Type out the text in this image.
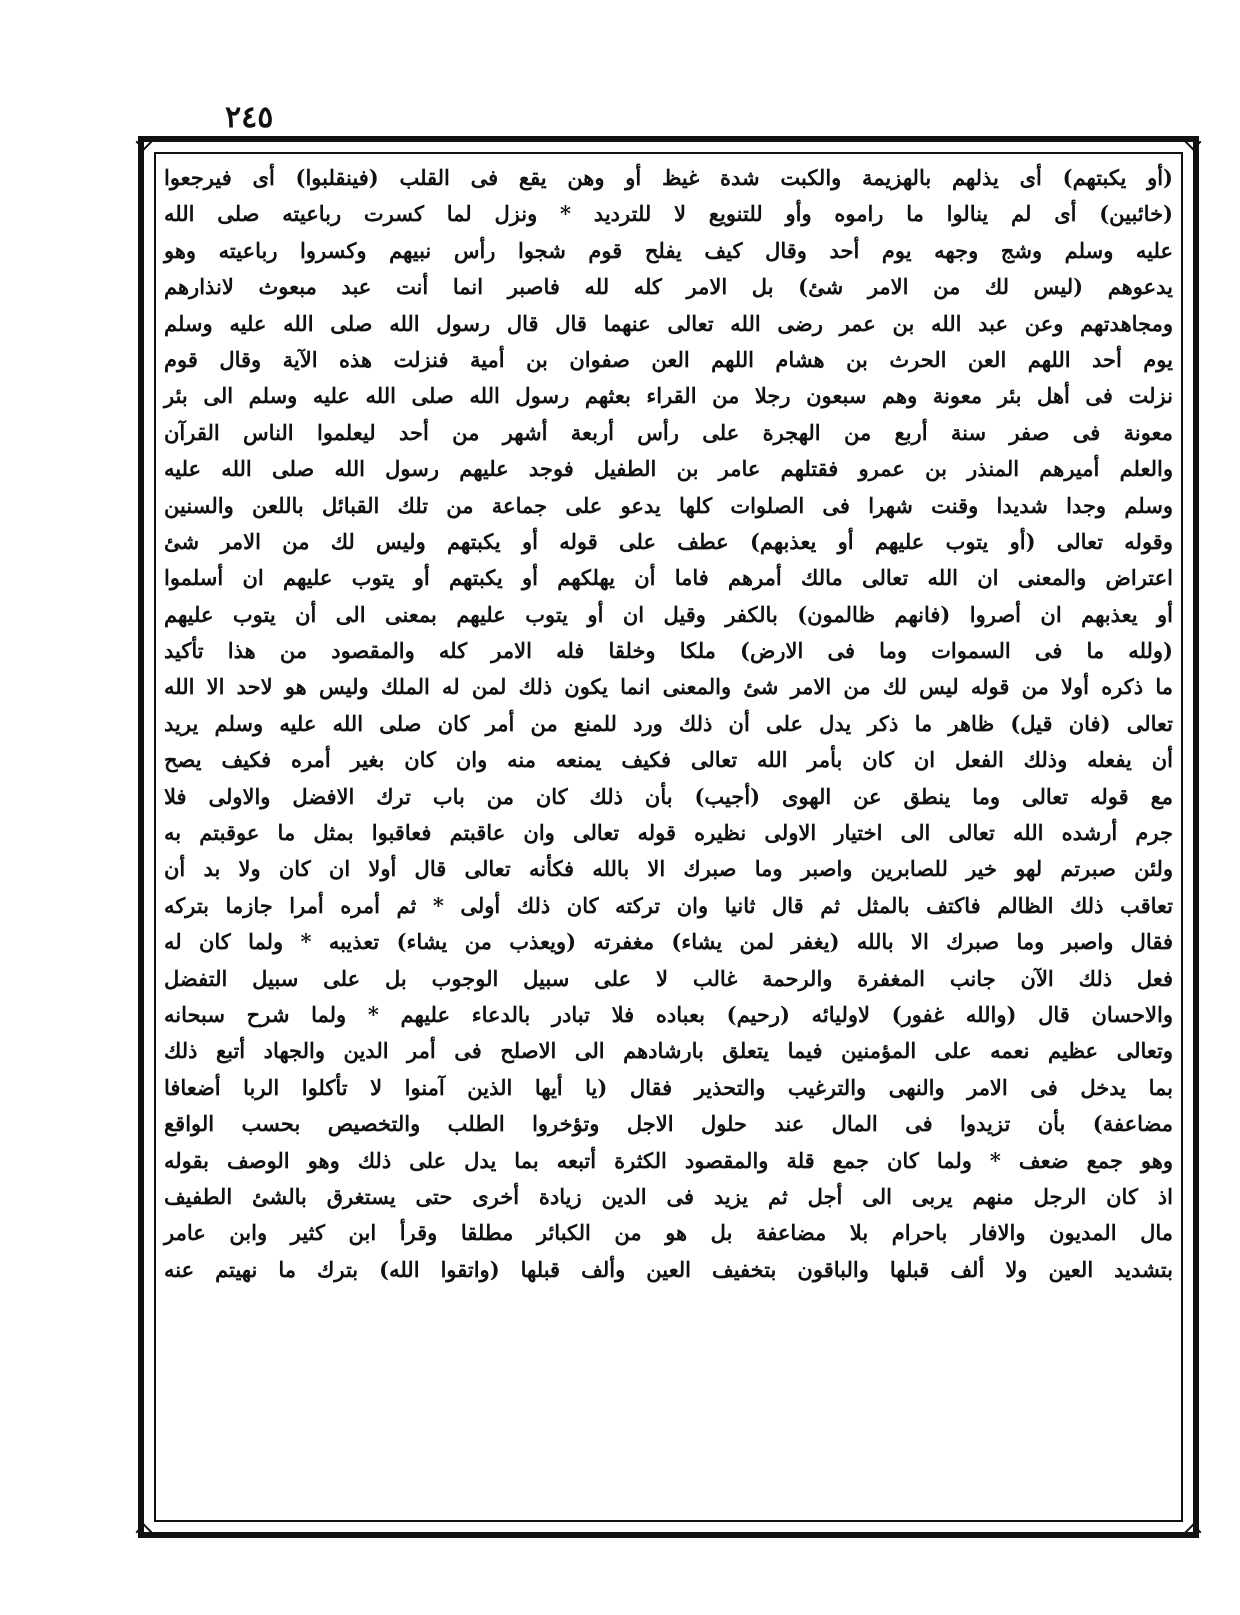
٢٤٥
(أو يكبتهم) أى يذلهم بالهزيمة والكبت شدة غيظ أو وهن يقع فى القلب (فينقلبوا) أى فيرجعوا
(خائبين) أى لم ينالوا ما راموه وأو للتنويع لا للترديد * ونزل لما كسرت رباعيته صلى الله
عليه وسلم وشج وجهه يوم أحد وقال كيف يفلح قوم شجوا رأس نبيهم وكسروا رباعيته وهو
يدعوهم (ليس لك من الامر شئ) بل الامر كله لله فاصبر انما أنت عبد مبعوث لانذارهم
ومجاهدتهم وعن عبد الله بن عمر رضى الله تعالى عنهما قال قال رسول الله صلى الله عليه وسلم
يوم أحد اللهم العن الحرث بن هشام اللهم العن صفوان بن أمية فنزلت هذه الآية وقال قوم
نزلت فى أهل بئر معونة وهم سبعون رجلا من القراء بعثهم رسول الله صلى الله عليه وسلم الى بئر
معونة فى صفر سنة أربع من الهجرة على رأس أربعة أشهر من أحد ليعلموا الناس القرآن
والعلم أميرهم المنذر بن عمرو فقتلهم عامر بن الطفيل فوجد عليهم رسول الله صلى الله عليه
وسلم وجدا شديدا وقنت شهرا فى الصلوات كلها يدعو على جماعة من تلك القبائل باللعن والسنين
وقوله تعالى (أو يتوب عليهم أو يعذبهم) عطف على قوله أو يكبتهم وليس لك من الامر شئ
اعتراض والمعنى ان الله تعالى مالك أمرهم فاما أن يهلكهم أو يكبتهم أو يتوب عليهم ان أسلموا
أو يعذبهم ان أصروا (فانهم ظالمون) بالكفر وقيل ان أو يتوب عليهم بمعنى الى أن يتوب عليهم
(ولله ما فى السموات وما فى الارض) ملكا وخلقا فله الامر كله والمقصود من هذا تأكيد
ما ذكره أولا من قوله ليس لك من الامر شئ والمعنى انما يكون ذلك لمن له الملك وليس هو لاحد الا الله
تعالى (فان قيل) ظاهر ما ذكر يدل على أن ذلك ورد للمنع من أمر كان صلى الله عليه وسلم يريد
أن يفعله وذلك الفعل ان كان بأمر الله تعالى فكيف يمنعه منه وان كان بغير أمره فكيف يصح
مع قوله تعالى وما ينطق عن الهوى (أجيب) بأن ذلك كان من باب ترك الافضل والاولى فلا
جرم أرشده الله تعالى الى اختيار الاولى نظيره قوله تعالى وان عاقبتم فعاقبوا بمثل ما عوقبتم به
ولئن صبرتم لهو خير للصابرين واصبر وما صبرك الا بالله فكأنه تعالى قال أولا ان كان ولا بد أن
تعاقب ذلك الظالم فاكتف بالمثل ثم قال ثانيا وان تركته كان ذلك أولى * ثم أمره أمرا جازما بتركه
فقال واصبر وما صبرك الا بالله (يغفر لمن يشاء) مغفرته (ويعذب من يشاء) تعذيبه * ولما كان له
فعل ذلك الآن جانب المغفرة والرحمة غالب لا على سبيل الوجوب بل على سبيل التفضل
والاحسان قال (والله غفور) لاوليائه (رحيم) بعباده فلا تبادر بالدعاء عليهم * ولما شرح سبحانه
وتعالى عظيم نعمه على المؤمنين فيما يتعلق بارشادهم الى الاصلح فى أمر الدين والجهاد أتبع ذلك
بما يدخل فى الامر والنهى والترغيب والتحذير فقال (يا أيها الذين آمنوا لا تأكلوا الربا أضعافا
مضاعفة) بأن تزيدوا فى المال عند حلول الاجل وتؤخروا الطلب والتخصيص بحسب الواقع
وهو جمع ضعف * ولما كان جمع قلة والمقصود الكثرة أتبعه بما يدل على ذلك وهو الوصف بقوله
اذ كان الرجل منهم يربى الى أجل ثم يزيد فى الدين زيادة أخرى حتى يستغرق بالشئ الطفيف
مال المديون والافار باحرام بلا مضاعفة بل هو من الكبائر مطلقا وقرأ ابن كثير وابن عامر
بتشديد العين ولا ألف قبلها والباقون بتخفيف العين وألف قبلها (واتقوا الله) بترك ما نهيتم عنه
